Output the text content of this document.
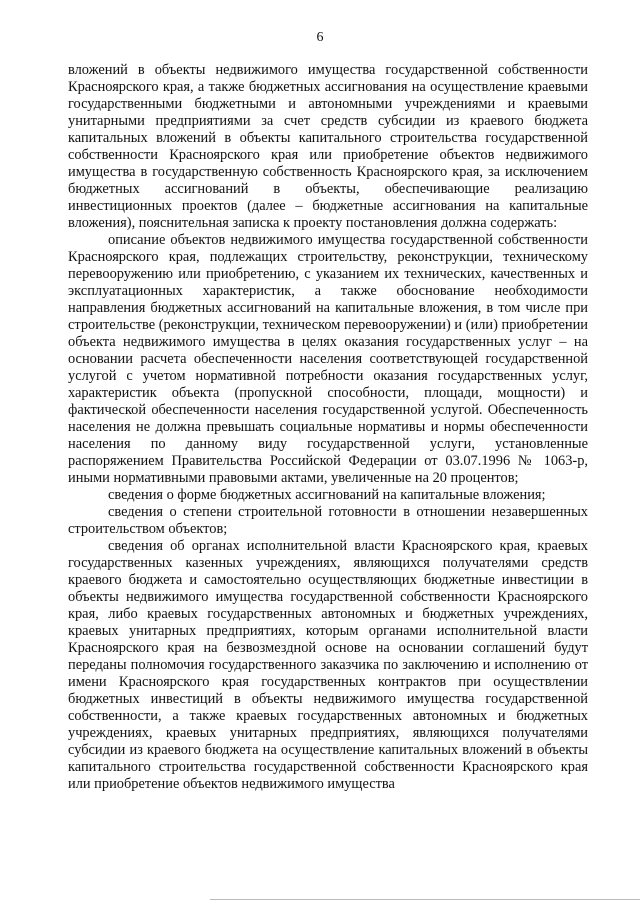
6

вложений в объекты недвижимого имущества государственной собственности Красноярского края, а также бюджетных ассигнования на осуществление краевыми государственными бюджетными и автономными учреждениями и краевыми унитарными предприятиями за счет средств субсидии из краевого бюджета капитальных вложений в объекты капитального строительства государственной собственности Красноярского края или приобретение объектов недвижимого имущества в государственную собственность Красноярского края, за исключением бюджетных ассигнований в объекты, обеспечивающие реализацию инвестиционных проектов (далее – бюджетные ассигнования на капитальные вложения), пояснительная записка к проекту постановления должна содержать:

описание объектов недвижимого имущества государственной собственности Красноярского края, подлежащих строительству, реконструкции, техническому перевооружению или приобретению, с указанием их технических, качественных и эксплуатационных характеристик, а также обоснование необходимости направления бюджетных ассигнований на капитальные вложения, в том числе при строительстве (реконструкции, техническом перевооружении) и (или) приобретении объекта недвижимого имущества в целях оказания государственных услуг – на основании расчета обеспеченности населения соответствующей государственной услугой с учетом нормативной потребности оказания государственных услуг, характеристик объекта (пропускной способности, площади, мощности) и фактической обеспеченности населения государственной услугой. Обеспеченность населения не должна превышать социальные нормативы и нормы обеспеченности населения по данному виду государственной услуги, установленные распоряжением Правительства Российской Федерации от 03.07.1996 № 1063-р, иными нормативными правовыми актами, увеличенные на 20 процентов;

сведения о форме бюджетных ассигнований на капитальные вложения;

сведения о степени строительной готовности в отношении незавершенных строительством объектов;

сведения об органах исполнительной власти Красноярского края, краевых государственных казенных учреждениях, являющихся получателями средств краевого бюджета и самостоятельно осуществляющих бюджетные инвестиции в объекты недвижимого имущества государственной собственности Красноярского края, либо краевых государственных автономных и бюджетных учреждениях, краевых унитарных предприятиях, которым органами исполнительной власти Красноярского края на безвозмездной основе на основании соглашений будут переданы полномочия государственного заказчика по заключению и исполнению от имени Красноярского края государственных контрактов при осуществлении бюджетных инвестиций в объекты недвижимого имущества государственной собственности, а также краевых государственных автономных и бюджетных учреждениях, краевых унитарных предприятиях, являющихся получателями субсидии из краевого бюджета на осуществление капитальных вложений в объекты капитального строительства государственной собственности Красноярского края или приобретение объектов недвижимого имущества
